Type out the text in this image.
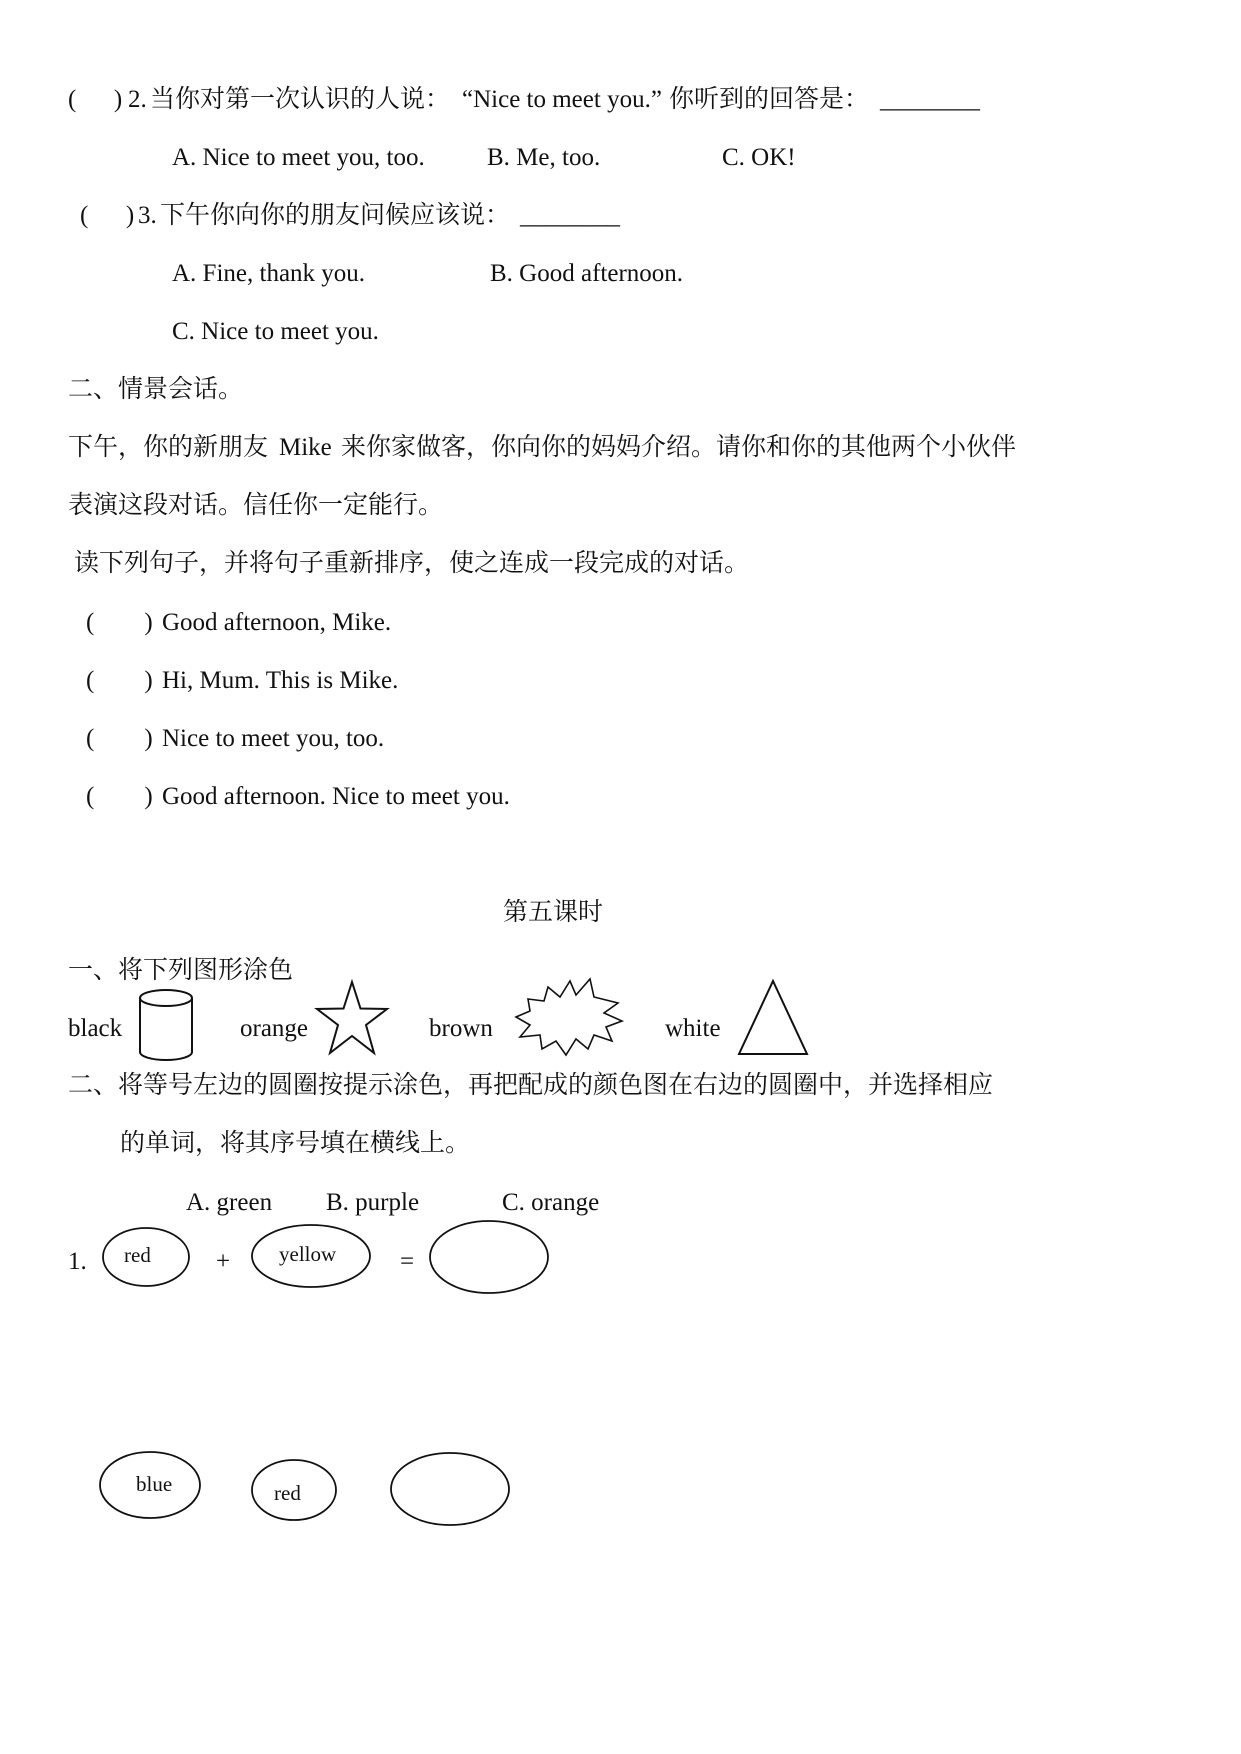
(      ) 2. 当你对第一次认识的人说： “Nice to meet you.” 你听到的回答是： ________
A. Nice to meet you, too. B. Me, too.	C. OK!
(      ) 3. 下午你向你的朋友问候应该说： ________
A. Fine, thank you.	B. Good afternoon.
C. Nice to meet you.
二、情景会话。
下午，你的新朋友 Mike 来你家做客，你向你的妈妈介绍。请你和你的其他两个小伙伴
表演这段对话。信任你一定能行。
读下列句子，并将句子重新排序，使之连成一段完成的对话。
(        ) Good afternoon, Mike.
(        ) Hi, Mum. This is Mike.
(        ) Nice to meet you, too.
(        ) Good afternoon. Nice to meet you.
第五课时
一、将下列图形涂色
black	orange	brown	white
二、将等号左边的圆圈按提示涂色，再把配成的颜色图在右边的圆圈中，并选择相应
的单词，将其序号填在横线上。
A. green B. purple	C. orange
1. red	+ yellow	=
blue	red
